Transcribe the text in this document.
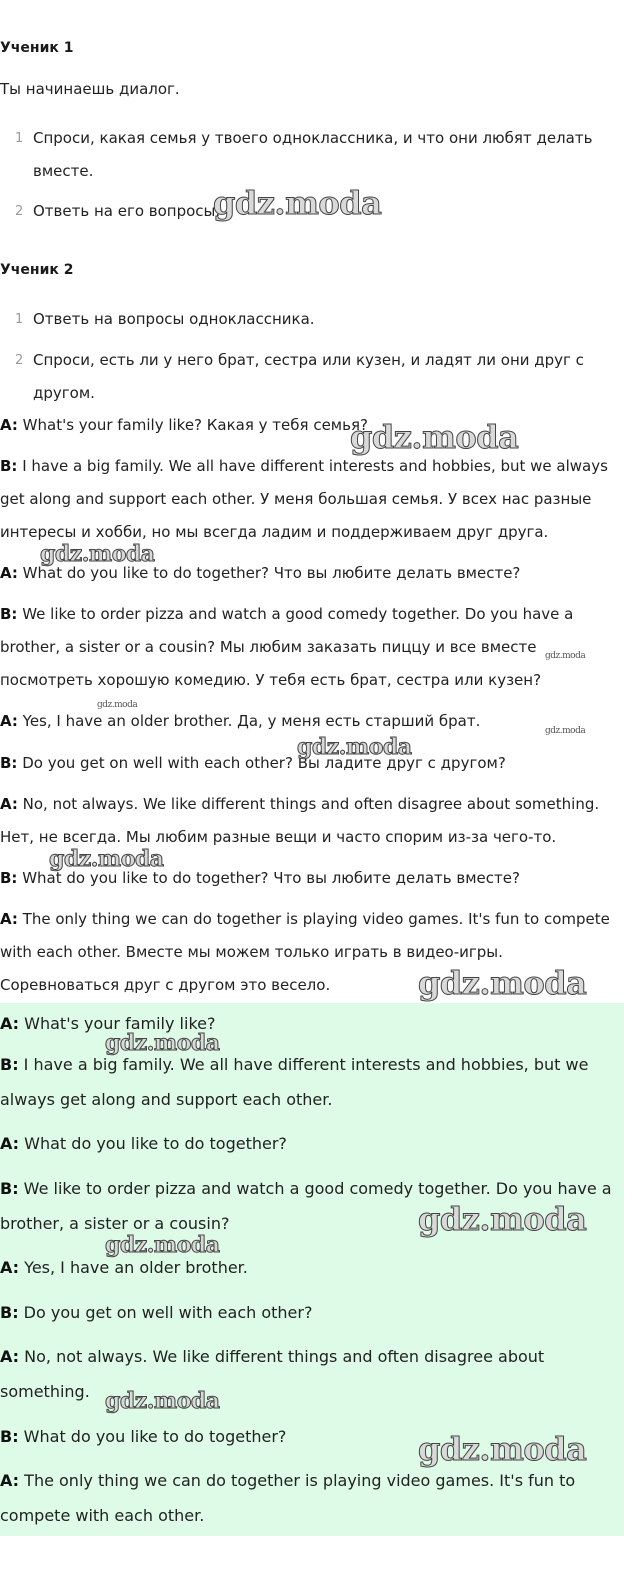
Ученик 1
Ты начинаешь диалог.
1 Спроси, какая семья у твоего одноклассника, и что они любят делать вместе.
2 Ответь на его вопросы.
Ученик 2
1 Ответь на вопросы одноклассника.
2 Спроси, есть ли у него брат, сестра или кузен, и ладят ли они друг с другом.
A: What's your family like? Какая у тебя семья?
B: I have a big family. We all have different interests and hobbies, but we always get along and support each other. У меня большая семья. У всех нас разные интересы и хобби, но мы всегда ладим и поддерживаем друг друга.
A: What do you like to do together? Что вы любите делать вместе?
B: We like to order pizza and watch a good comedy together. Do you have a brother, a sister or a cousin? Мы любим заказать пиццу и все вместе посмотреть хорошую комедию. У тебя есть брат, сестра или кузен?
A: Yes, I have an older brother. Да, у меня есть старший брат.
B: Do you get on well with each other? Вы ладите друг с другом?
A: No, not always. We like different things and often disagree about something. Нет, не всегда. Мы любим разные вещи и часто спорим из-за чего-то.
B: What do you like to do together? Что вы любите делать вместе?
A: The only thing we can do together is playing video games. It's fun to compete with each other. Вместе мы можем только играть в видео-игры. Соревноваться друг с другом это весело.
A: What's your family like?
B: I have a big family. We all have different interests and hobbies, but we always get along and support each other.
A: What do you like to do together?
B: We like to order pizza and watch a good comedy together. Do you have a brother, a sister or a cousin?
A: Yes, I have an older brother.
B: Do you get on well with each other?
A: No, not always. We like different things and often disagree about something.
B: What do you like to do together?
A: The only thing we can do together is playing video games. It's fun to compete with each other.
gdz.moda
gdz.moda
gdz.moda
gdz.moda
gdz.moda
gdz.moda
gdz.moda
gdz.moda
gdz.moda
gdz.moda
gdz.moda
gdz.moda
gdz.moda
gdz.moda
